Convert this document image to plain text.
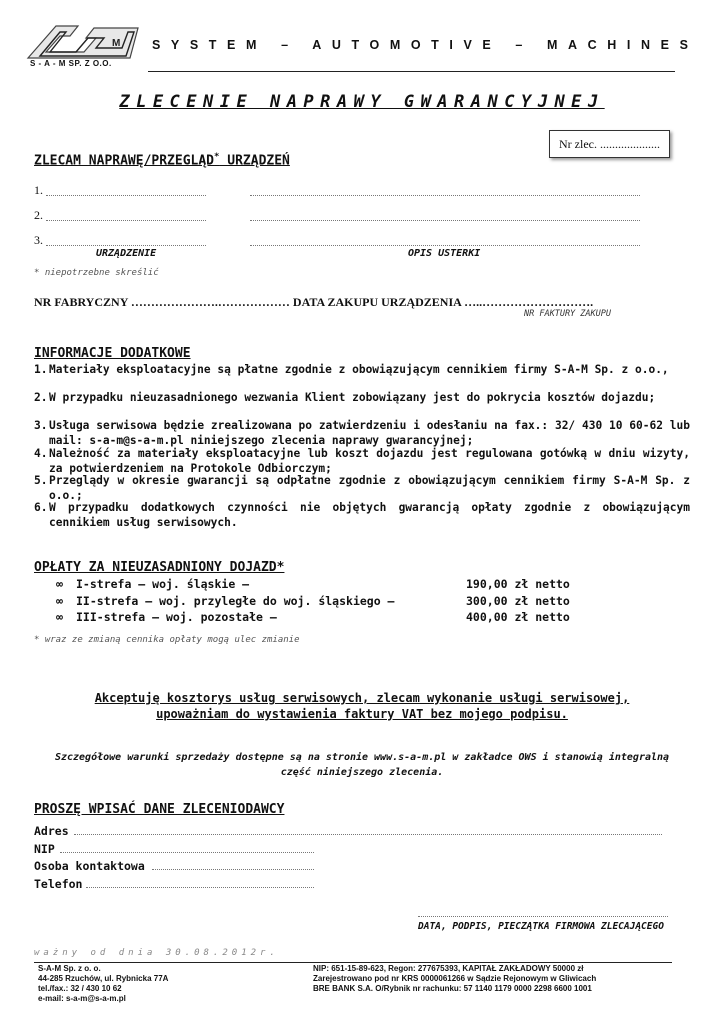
M
S - A - M SP. Z O.O.
SYSTEM – AUTOMOTIVE – MACHINES
ZLECENIE NAPRAWY GWARANCYJNEJ
Nr zlec. ....................
ZLECAM NAPRAWĘ/PRZEGLĄD* URZĄDZEŃ
1.
2.
3.
URZĄDZENIE	OPIS USTERKI
* niepotrzebne skreślić
NR FABRYCZNY ………………….……………… DATA ZAKUPU URZĄDZENIA …..……………………….
NR FAKTURY ZAKUPU
INFORMACJE DODATKOWE
1. Materiały eksploatacyjne są płatne zgodnie z obowiązującym cennikiem firmy S-A-M Sp. z o.o.,
2. W przypadku nieuzasadnionego wezwania Klient zobowiązany jest do pokrycia kosztów dojazdu;
3. Usługa serwisowa będzie zrealizowana po zatwierdzeniu i odesłaniu na fax.: 32/ 430 10 60-62 lub mail: s-a-m@s-a-m.pl niniejszego zlecenia naprawy gwarancyjnej;
4. Należność za materiały eksploatacyjne lub koszt dojazdu jest regulowana gotówką w dniu wizyty, za potwierdzeniem na Protokole Odbiorczym;
5. Przeglądy w okresie gwarancji są odpłatne zgodnie z obowiązującym cennikiem firmy S-A-M Sp. z o.o.;
6. W przypadku dodatkowych czynności nie objętych gwarancją opłaty zgodnie z obowiązującym cennikiem usług serwisowych.
OPŁATY ZA NIEUZASADNIONY DOJAZD*
∞ I-strefa – woj. śląskie –	190,00 zł netto
∞ II-strefa – woj. przyległe do woj. śląskiego –	300,00 zł netto
∞ III-strefa – woj. pozostałe –	400,00 zł netto
* wraz ze zmianą cennika opłaty mogą ulec zmianie
Akceptuję kosztorys usług serwisowych, zlecam wykonanie usługi serwisowej,
upoważniam do wystawienia faktury VAT bez mojego podpisu.
Szczegółowe warunki sprzedaży dostępne są na stronie www.s-a-m.pl w zakładce OWS i stanowią integralną część niniejszego zlecenia.
PROSZĘ WPISAĆ DANE ZLECENIODAWCY
Adres
NIP
Osoba kontaktowa
Telefon
DATA, PODPIS, PIECZĄTKA FIRMOWA ZLECAJĄCEGO
ważny od dnia 30.08.2012r.
S-A-M Sp. z o. o.
44-285 Rzuchów, ul. Rybnicka 77A
tel./fax.: 32 / 430 10 62
e-mail: s-a-m@s-a-m.pl
NIP: 651-15-89-623, Regon: 277675393, KAPITAŁ ZAKŁADOWY 50000 zł
Zarejestrowano pod nr KRS 0000061266 w Sądzie Rejonowym w Gliwicach
BRE BANK S.A. O/Rybnik nr rachunku: 57 1140 1179 0000 2298 6600 1001
